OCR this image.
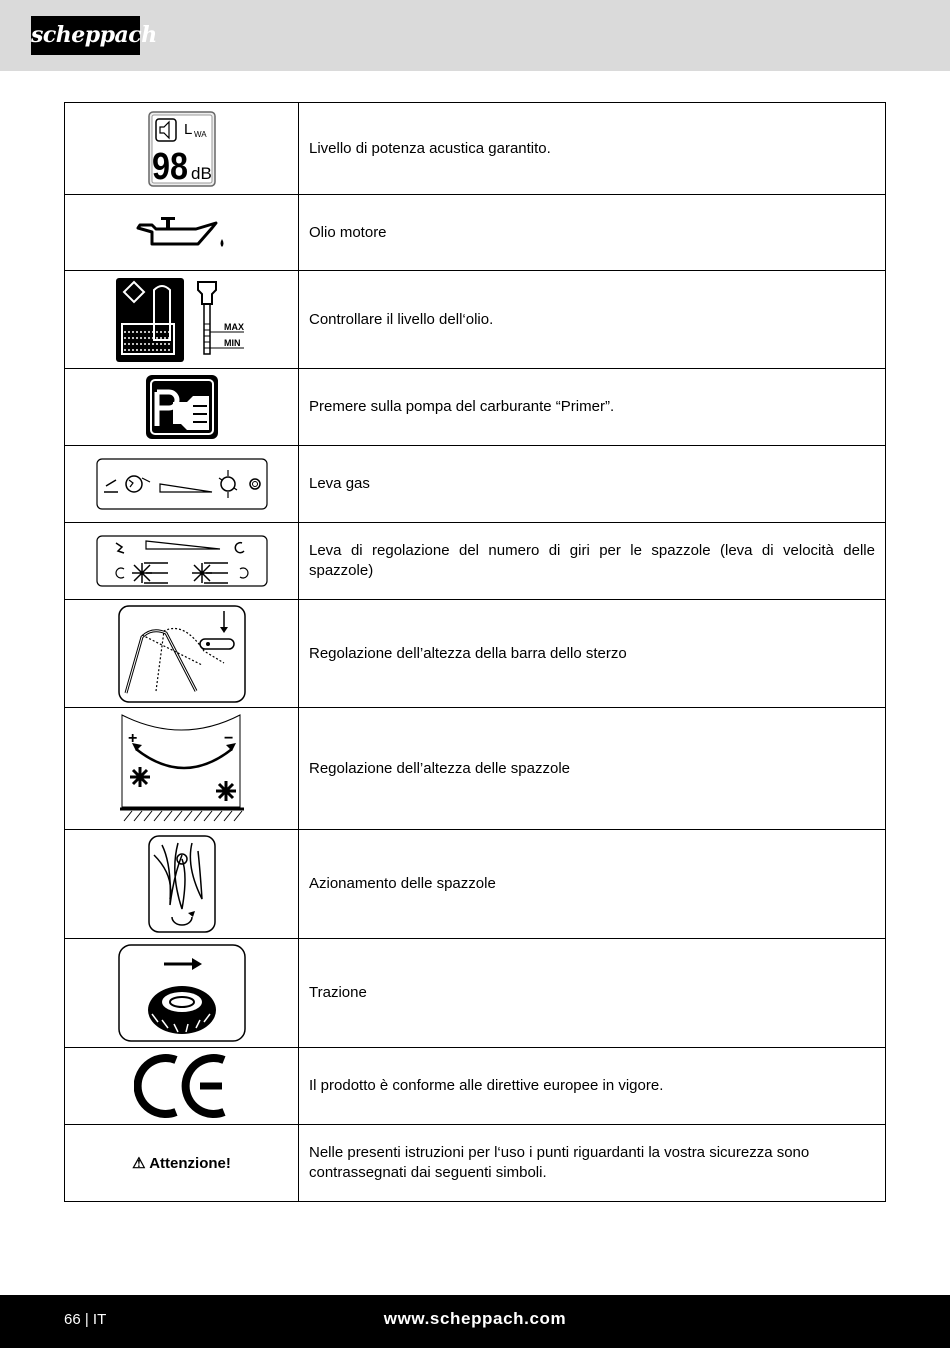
scheppach
L WA
98 dB	Livello di potenza acustica garantito.
	Olio motore

MAX
MIN	Controllare il livello dell‘olio.
	Premere sulla pompa del carburante “Primer”.
	Leva gas
	Leva di regolazione del numero di giri per le spazzole (leva di velocità delle spazzole)
	Regolazione dell’altezza della barra dello sterzo

+ −	Regolazione dell’altezza delle spazzole
	Azionamento delle spazzole
	Trazione
	Il prodotto è conforme alle direttive europee in vigore.
⚠ Attenzione!	Nelle presenti istruzioni per l‘uso i punti riguardanti la vostra sicurezza sono contrassegnati dai seguenti simboli.
66 | IT	www.scheppach.com
